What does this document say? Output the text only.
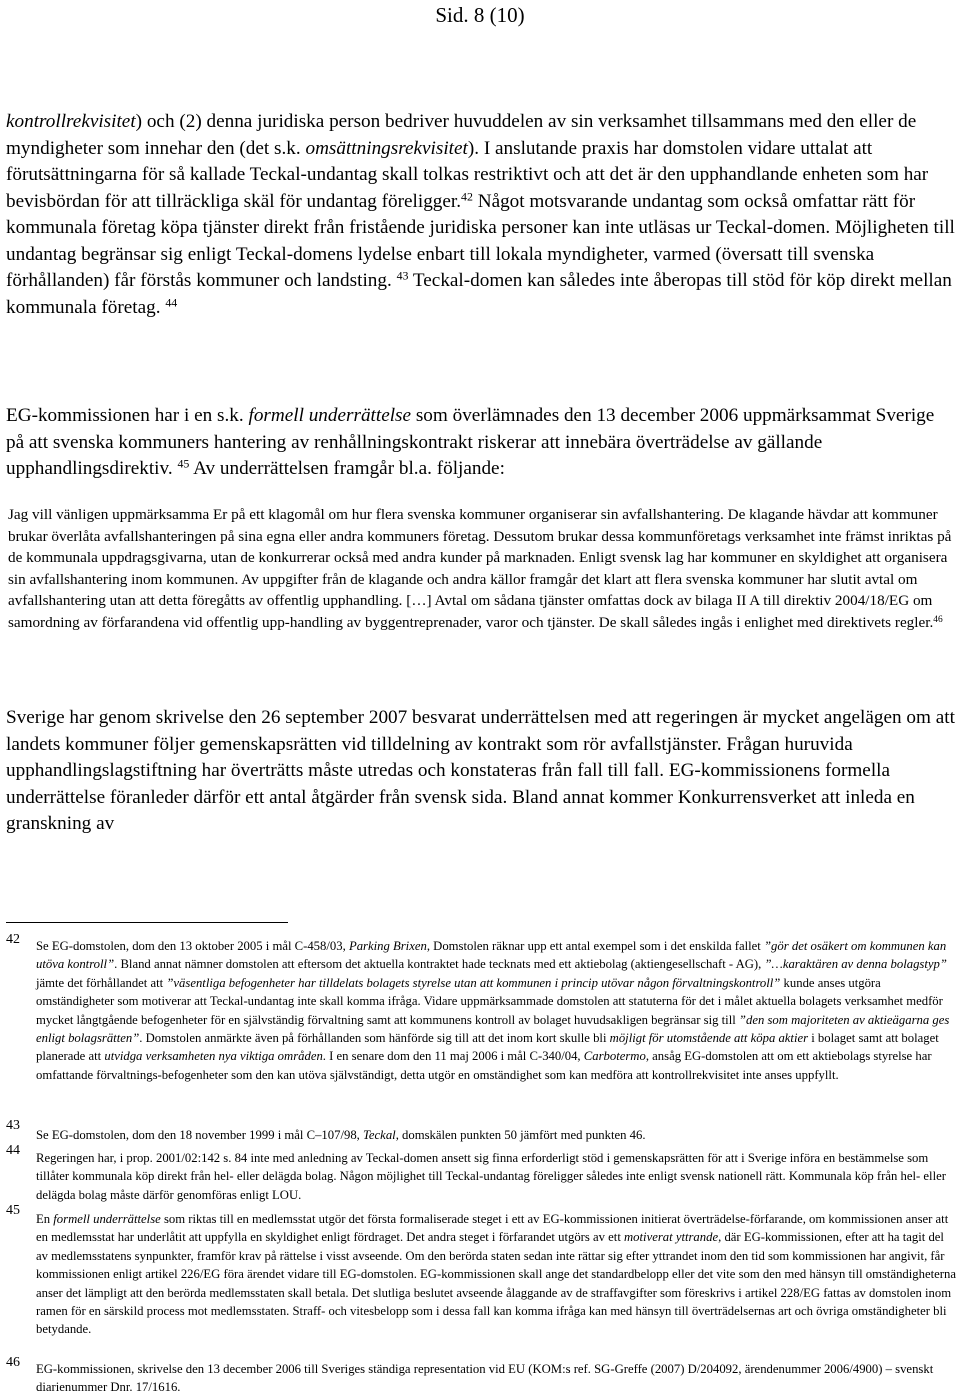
Sid. 8 (10)

kontrollrekvisitet) och (2) denna juridiska person bedriver huvuddelen av sin verksamhet tillsammans med den eller de myndigheter som innehar den (det s.k. omsättningsrekvisitet). I anslutande praxis har domstolen vidare uttalat att förutsättningarna för så kallade Teckal-undantag skall tolkas restriktivt och att det är den upphandlande enheten som har bevisbördan för att tillräckliga skäl för undantag föreligger.$^{42}$ Något motsvarande undantag som också omfattar rätt för kommunala företag köpa tjänster direkt från fristående juridiska personer kan inte utläsas ur Teckal-domen. Möjligheten till undantag begränsar sig enligt Teckal-domens lydelse enbart till lokala myndigheter, varmed (översatt till svenska förhållanden) får förstås kommuner och landsting. $^{43}$ Teckal-domen kan således inte åberopas till stöd för köp direkt mellan kommunala företag. $^{44}$

EG-kommissionen har i en s.k. formell underrättelse som överlämnades den 13 december 2006 uppmärksammat Sverige på att svenska kommuners hantering av renhållningskontrakt riskerar att innebära överträdelse av gällande upphandlingsdirektiv. $^{45}$ Av underrättelsen framgår bl.a. följande:

Jag vill vänligen uppmärksamma Er på ett klagomål om hur flera svenska kommuner organiserar sin avfallshantering. De klagande hävdar att kommuner brukar överlåta avfallshanteringen på sina egna eller andra kommuners företag. Dessutom brukar dessa kommunföretags verksamhet inte främst inriktas på de kommunala uppdragsgivarna, utan de konkurrerar också med andra kunder på marknaden. Enligt svensk lag har kommuner en skyldighet att organisera sin avfallshantering inom kommunen. Av uppgifter från de klagande och andra källor framgår det klart att flera svenska kommuner har slutit avtal om avfallshantering utan att detta föregåtts av offentlig upphandling. […] Avtal om sådana tjänster omfattas dock av bilaga II A till direktiv 2004/18/EG om samordning av förfarandena vid offentlig upp-handling av byggentreprenader, varor och tjänster. De skall således ingås i enlighet med direktivets regler.$^{46}$

Sverige har genom skrivelse den 26 september 2007 besvarat underrättelsen med att regeringen är mycket angelägen om att landets kommuner följer gemenskapsrätten vid tilldelning av kontrakt som rör avfallstjänster. Frågan huruvida upphandlingslagstiftning har överträtts måste utredas och konstateras från fall till fall. EG-kommissionens formella underrättelse föranleder därför ett antal åtgärder från svensk sida. Bland annat kommer Konkurrensverket att inleda en granskning av

42 Se EG-domstolen, dom den 13 oktober 2005 i mål C-458/03, Parking Brixen, Domstolen räknar upp ett antal exempel som i det enskilda fallet ”gör det osäkert om kommunen kan utöva kontroll”. Bland annat nämner domstolen att eftersom det aktuella kontraktet hade tecknats med ett aktiebolag (aktiengesellschaft - AG), ”…karaktären av denna bolagstyp” jämte det förhållandet att ”väsentliga befogenheter har tilldelats bolagets styrelse utan att kommunen i princip utövar någon förvaltningskontroll” kunde anses utgöra omständigheter som motiverar att Teckal-undantag inte skall komma ifråga. Vidare uppmärksammade domstolen att statuterna för det i målet aktuella bolagets verksamhet medför mycket långtgående befogenheter för en självständig förvaltning samt att kommunens kontroll av bolaget huvudsakligen begränsar sig till ”den som majoriteten av aktieägarna ges enligt bolagsrätten”. Domstolen anmärkte även på förhållanden som hänförde sig till att det inom kort skulle bli möjligt för utomstående att köpa aktier i bolaget samt att bolaget planerade att utvidga verksamheten nya viktiga områden. I en senare dom den 11 maj 2006 i mål C-340/04, Carbotermo, ansåg EG-domstolen att om ett aktiebolags styrelse har omfattande förvaltnings-befogenheter som den kan utöva självständigt, detta utgör en omständighet som kan medföra att kontrollrekvisitet inte anses uppfyllt.

43

Se EG-domstolen, dom den 18 november 1999 i mål C–107/98, Teckal, domskälen punkten 50 jämfört med punkten 46.

44 Regeringen har, i prop. 2001/02:142 s. 84 inte med anledning av Teckal-domen ansett sig finna erforderligt stöd i gemenskapsrätten för att i Sverige införa en bestämmelse som tillåter kommunala köp direkt från hel- eller delägda bolag. Någon möjlighet till Teckal-undantag föreligger således inte enligt svensk nationell rätt. Kommunala köp från hel- eller delägda bolag måste därför genomföras enligt LOU.

45

En formell underrättelse som riktas till en medlemsstat utgör det första formaliserade steget i ett av EG-kommissionen initierat överträdelse-förfarande, om kommissionen anser att en medlemsstat har underlåtit att uppfylla en skyldighet enligt fördraget. Det andra steget i förfarandet utgörs av ett motiverat yttrande, där EG-kommissionen, efter att ha tagit del av medlemsstatens synpunkter, framför krav på rättelse i visst avseende. Om den berörda staten sedan inte rättar sig efter yttrandet inom den tid som kommissionen har angivit, får kommissionen enligt artikel 226/EG föra ärendet vidare till EG-domstolen. EG-kommissionen skall ange det standardbelopp eller det vite som den med hänsyn till omständigheterna anser det lämpligt att den berörda medlemsstaten skall betala. Det slutliga beslutet avseende ålaggande av de straffavgifter som föreskrivs i artikel 228/EG fattas av domstolen inom ramen för en särskild process mot medlemsstaten. Straff- och vitesbelopp som i dessa fall kan komma ifråga kan med hänsyn till överträdelsernas art och övriga omständigheter bli betydande.

46 EG-kommissionen, skrivelse den 13 december 2006 till Sveriges ständiga representation vid EU (KOM:s ref. SG-Greffe (2007) D/204092, ärendenummer 2006/4900) – svenskt diarienummer Dnr. 17/1616.
